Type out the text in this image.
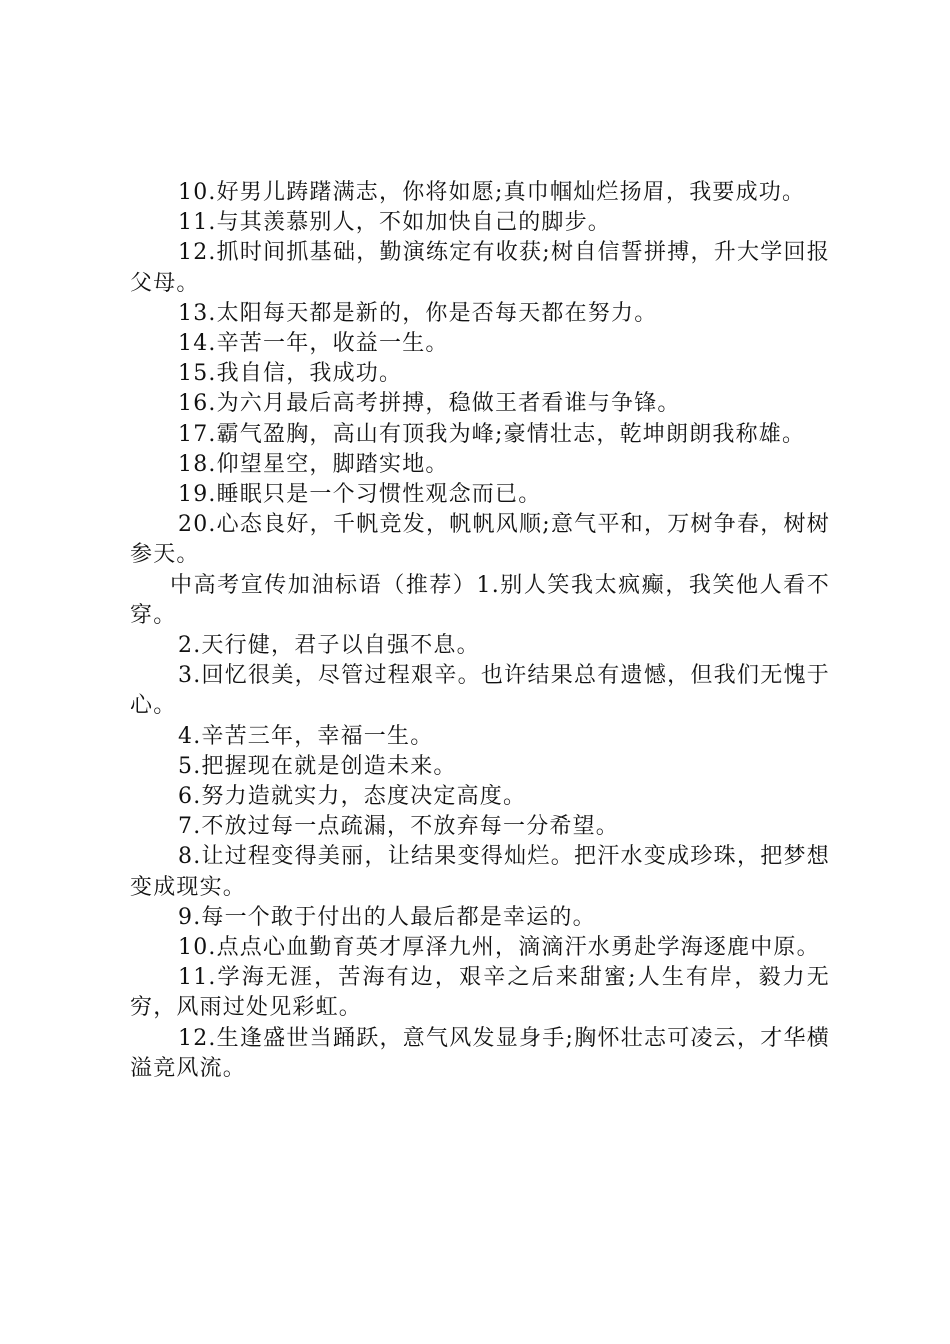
10.好男儿踌躇满志，你将如愿;真巾帼灿烂扬眉，我要成功。

11.与其羡慕别人，不如加快自己的脚步。

12.抓时间抓基础，勤演练定有收获;树自信誓拼搏，升大学回报父母。

13.太阳每天都是新的，你是否每天都在努力。

14.辛苦一年，收益一生。

15.我自信，我成功。

16.为六月最后高考拼搏，稳做王者看谁与争锋。

17.霸气盈胸，高山有顶我为峰;豪情壮志，乾坤朗朗我称雄。

18.仰望星空，脚踏实地。

19.睡眠只是一个习惯性观念而已。

20.心态良好，千帆竞发，帆帆风顺;意气平和，万树争春，树树参天。

中高考宣传加油标语（推荐）1.别人笑我太疯癫，我笑他人看不穿。

2.天行健，君子以自强不息。

3.回忆很美，尽管过程艰辛。也许结果总有遗憾，但我们无愧于心。

4.辛苦三年，幸福一生。

5.把握现在就是创造未来。

6.努力造就实力，态度决定高度。

7.不放过每一点疏漏，不放弃每一分希望。

8.让过程变得美丽，让结果变得灿烂。把汗水变成珍珠，把梦想变成现实。

9.每一个敢于付出的人最后都是幸运的。

10.点点心血勤育英才厚泽九州，滴滴汗水勇赴学海逐鹿中原。

11.学海无涯，苦海有边，艰辛之后来甜蜜;人生有岸，毅力无穷，风雨过处见彩虹。

12.生逢盛世当踊跃，意气风发显身手;胸怀壮志可凌云，才华横溢竞风流。
